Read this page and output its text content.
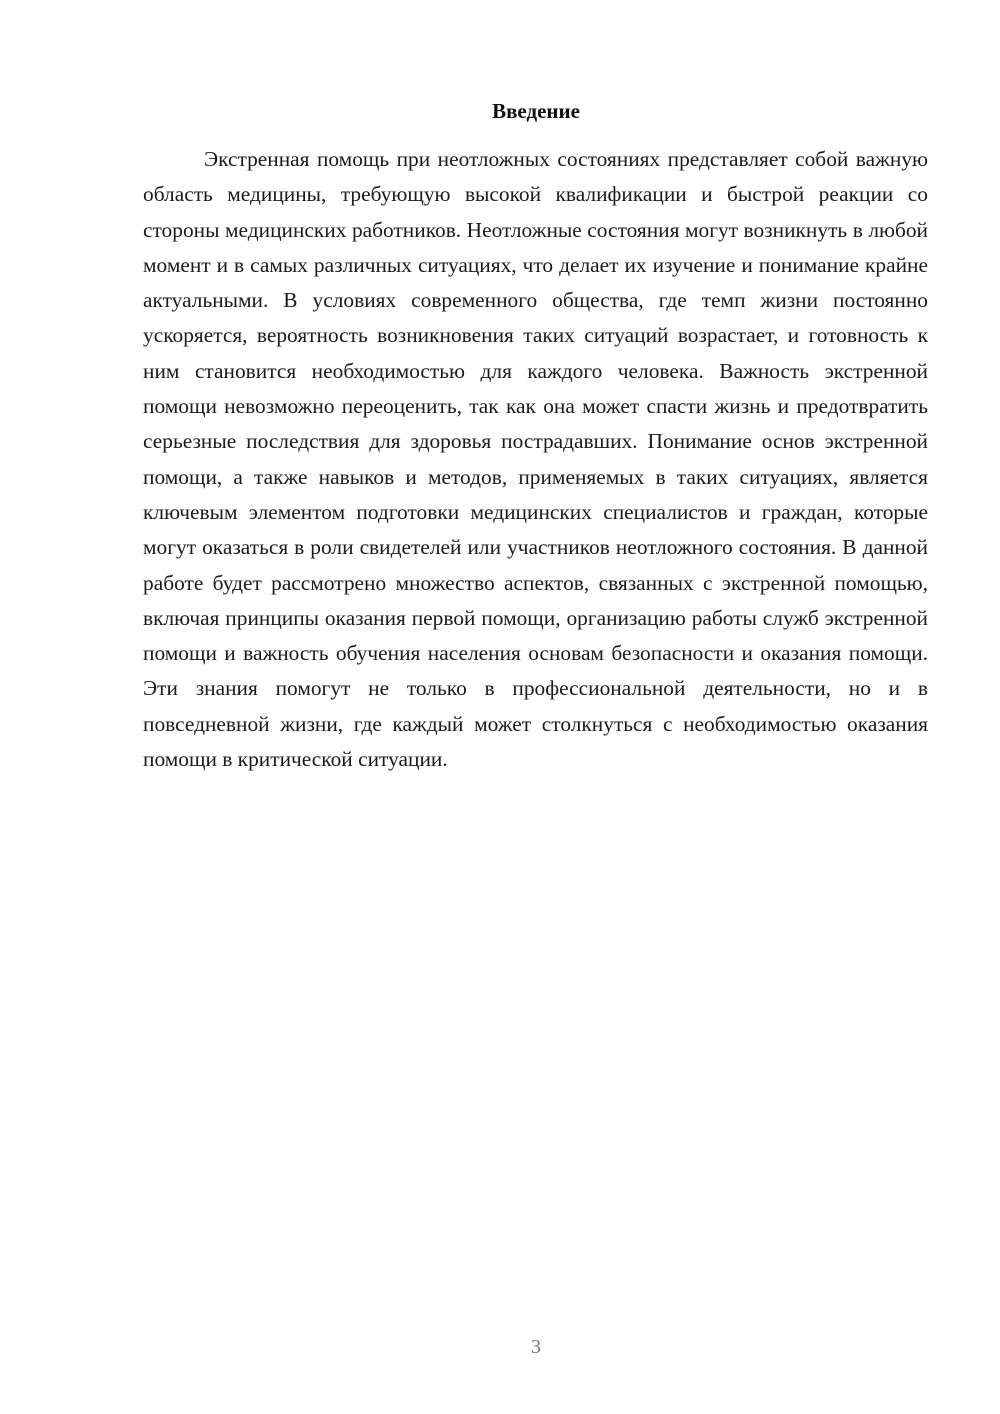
Введение

Экстренная помощь при неотложных состояниях представляет собой важную область медицины, требующую высокой квалификации и быстрой реакции со стороны медицинских работников. Неотложные состояния могут возникнуть в любой момент и в самых различных ситуациях, что делает их изучение и понимание крайне актуальными. В условиях современного общества, где темп жизни постоянно ускоряется, вероятность возникновения таких ситуаций возрастает, и готовность к ним становится необходимостью для каждого человека. Важность экстренной помощи невозможно переоценить, так как она может спасти жизнь и предотвратить серьезные последствия для здоровья пострадавших. Понимание основ экстренной помощи, а также навыков и методов, применяемых в таких ситуациях, является ключевым элементом подготовки медицинских специалистов и граждан, которые могут оказаться в роли свидетелей или участников неотложного состояния. В данной работе будет рассмотрено множество аспектов, связанных с экстренной помощью, включая принципы оказания первой помощи, организацию работы служб экстренной помощи и важность обучения населения основам безопасности и оказания помощи. Эти знания помогут не только в профессиональной деятельности, но и в повседневной жизни, где каждый может столкнуться с необходимостью оказания помощи в критической ситуации.

3
